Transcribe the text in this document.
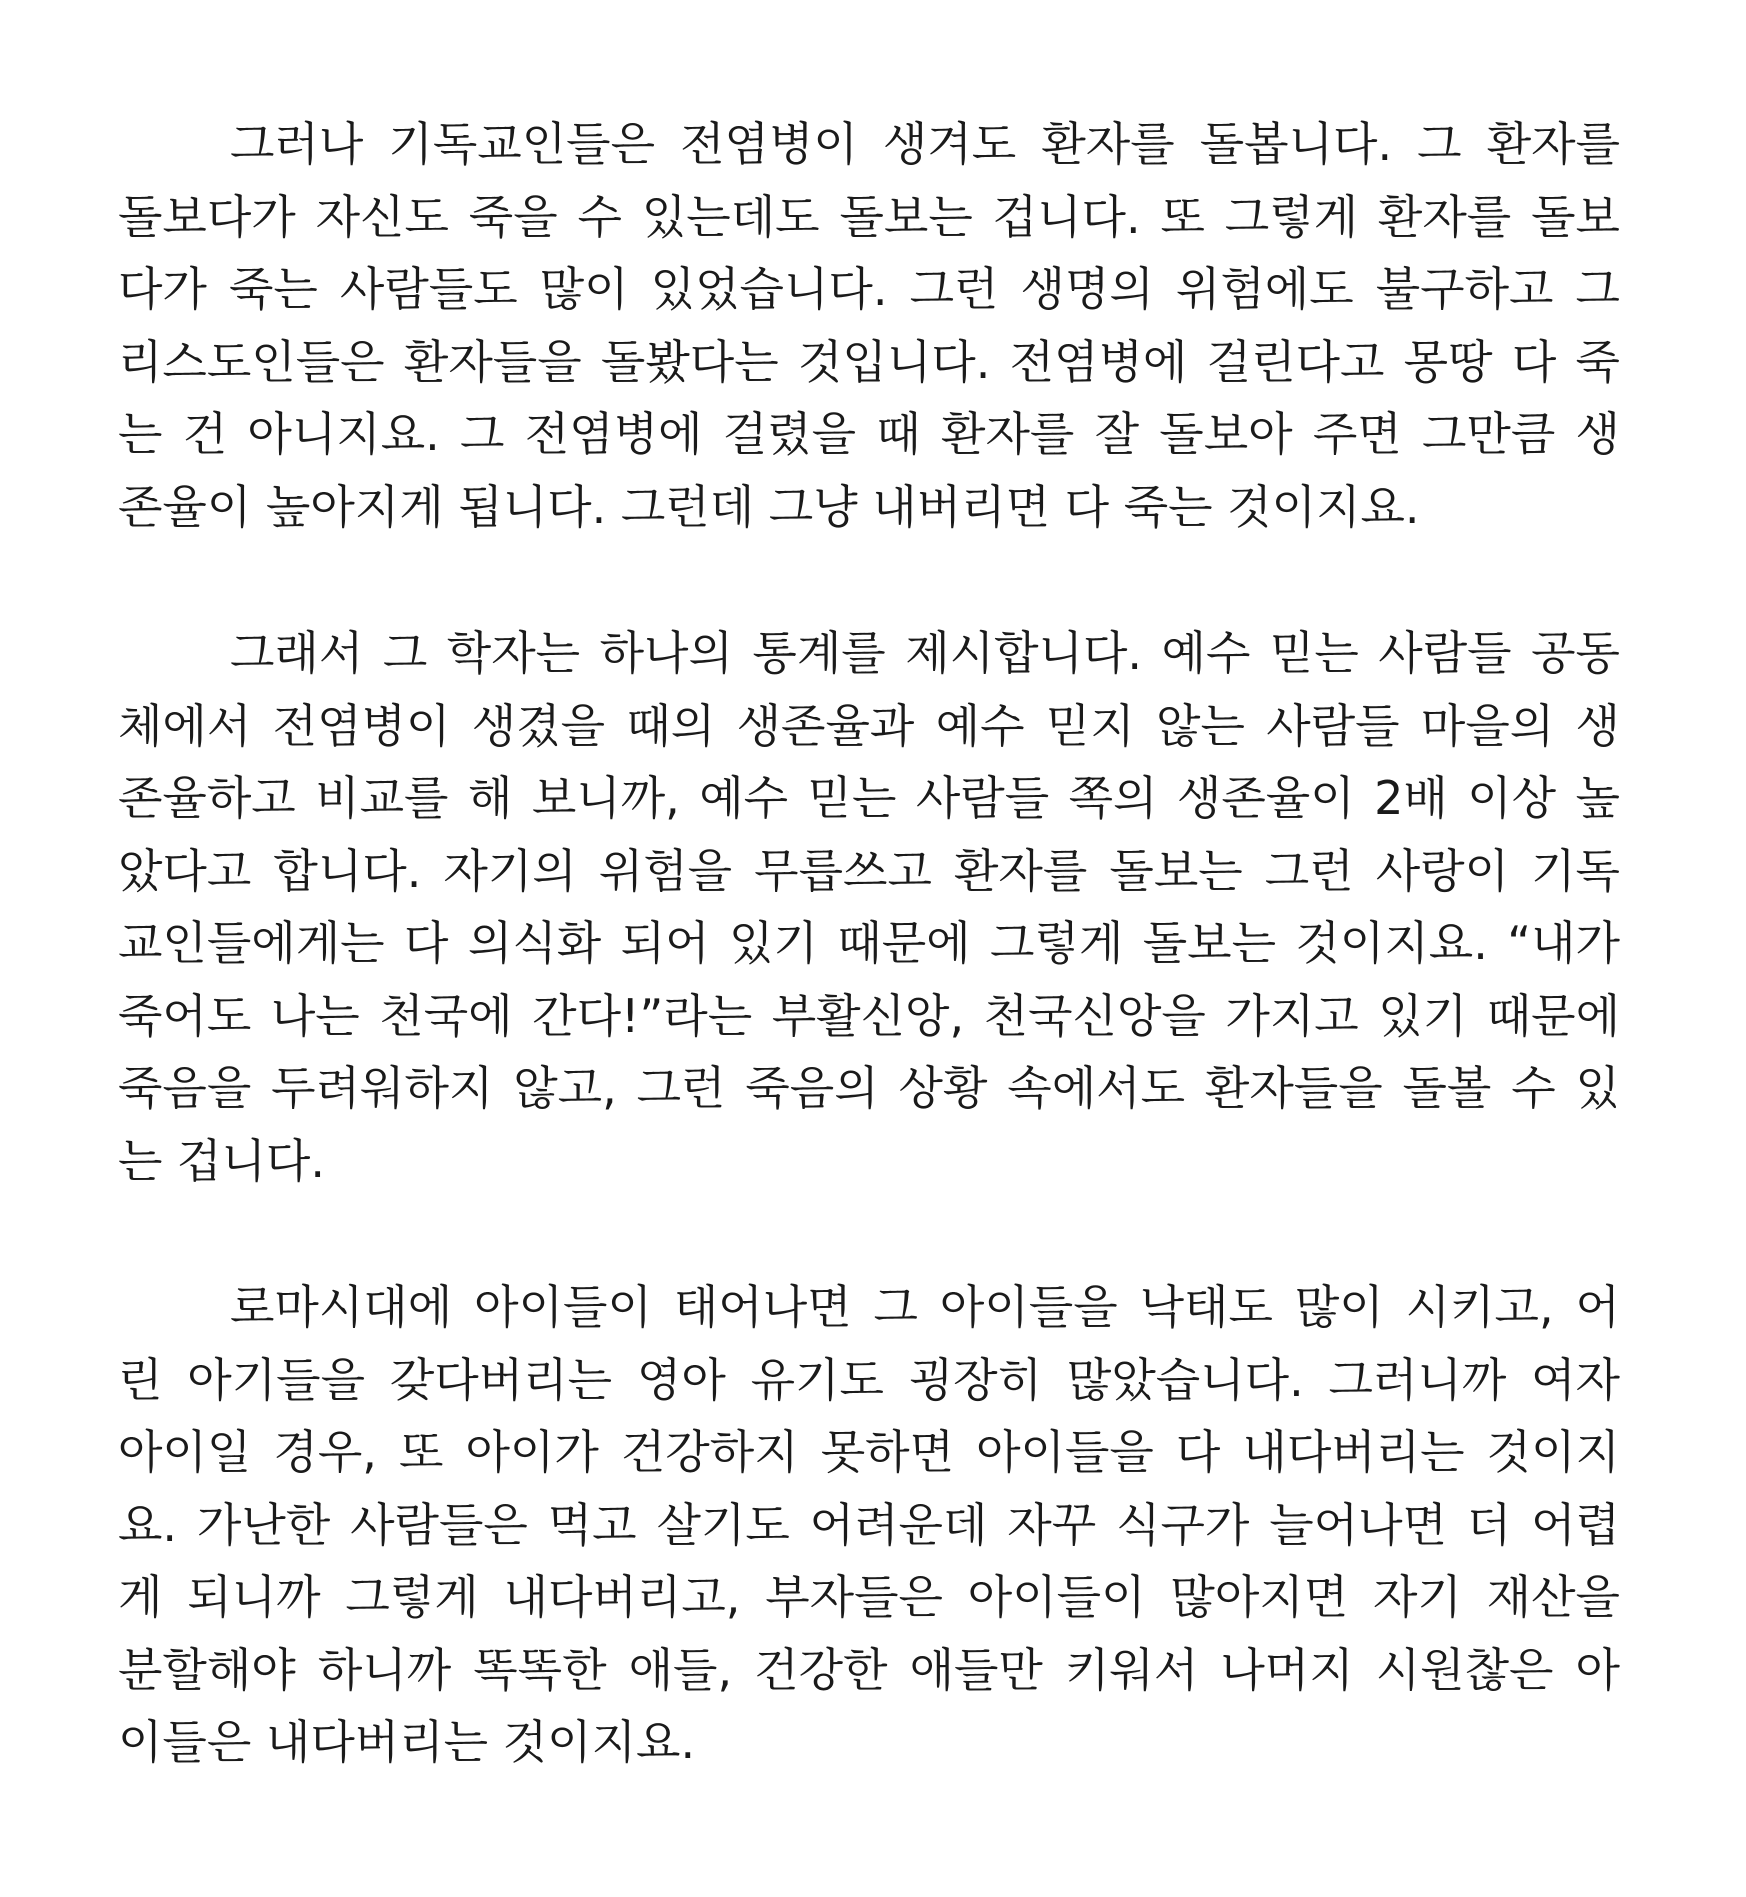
그러나 기독교인들은 전염병이 생겨도 환자를 돌봅니다. 그 환자를
돌보다가 자신도 죽을 수 있는데도 돌보는 겁니다. 또 그렇게 환자를 돌보
다가 죽는 사람들도 많이 있었습니다. 그런 생명의 위험에도 불구하고 그
리스도인들은 환자들을 돌봤다는 것입니다. 전염병에 걸린다고 몽땅 다 죽
는 건 아니지요. 그 전염병에 걸렸을 때 환자를 잘 돌보아 주면 그만큼 생
존율이 높아지게 됩니다. 그런데 그냥 내버리면 다 죽는 것이지요.

그래서 그 학자는 하나의 통계를 제시합니다. 예수 믿는 사람들 공동
체에서 전염병이 생겼을 때의 생존율과 예수 믿지 않는 사람들 마을의 생
존율하고 비교를 해 보니까, 예수 믿는 사람들 쪽의 생존율이 2배 이상 높
았다고 합니다. 자기의 위험을 무릅쓰고 환자를 돌보는 그런 사랑이 기독
교인들에게는 다 의식화 되어 있기 때문에 그렇게 돌보는 것이지요. “내가
죽어도 나는 천국에 간다!”라는 부활신앙, 천국신앙을 가지고 있기 때문에
죽음을 두려워하지 않고, 그런 죽음의 상황 속에서도 환자들을 돌볼 수 있
는 겁니다.

로마시대에 아이들이 태어나면 그 아이들을 낙태도 많이 시키고, 어
린 아기들을 갖다버리는 영아 유기도 굉장히 많았습니다. 그러니까 여자
아이일 경우, 또 아이가 건강하지 못하면 아이들을 다 내다버리는 것이지
요. 가난한 사람들은 먹고 살기도 어려운데 자꾸 식구가 늘어나면 더 어렵
게 되니까 그렇게 내다버리고, 부자들은 아이들이 많아지면 자기 재산을
분할해야 하니까 똑똑한 애들, 건강한 애들만 키워서 나머지 시원찮은 아
이들은 내다버리는 것이지요.
